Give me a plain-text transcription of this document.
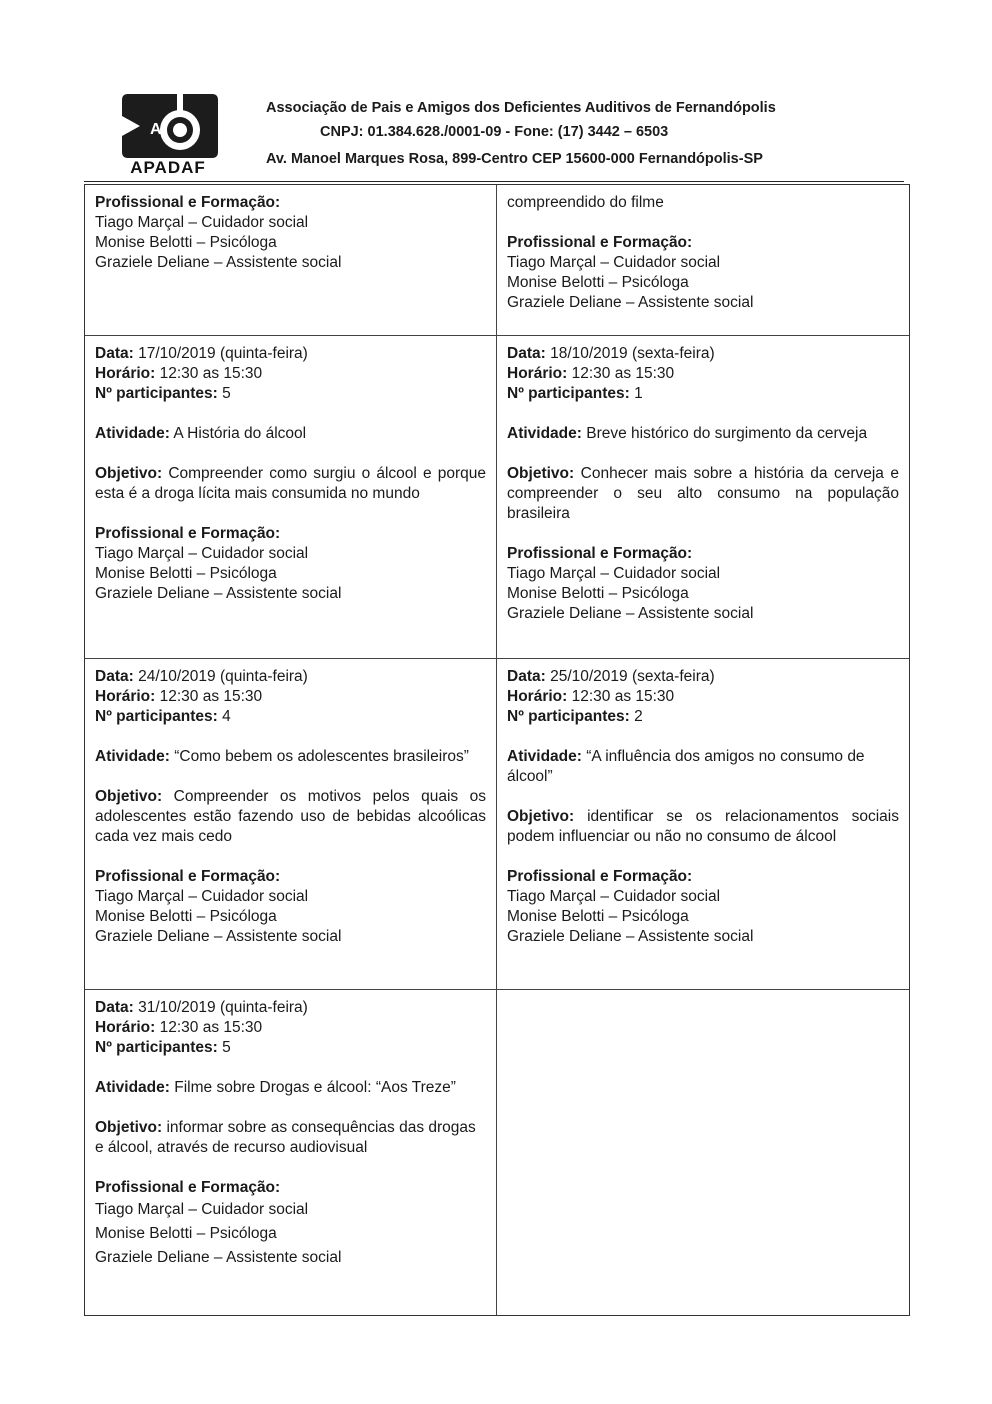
A
APADAF
Associação de Pais e Amigos dos Deficientes Auditivos de Fernandópolis
CNPJ: 01.384.628./0001-09 - Fone: (17) 3442 – 6503
Av. Manoel Marques Rosa, 899-Centro CEP 15600-000 Fernandópolis-SP
Profissional e Formação:
Tiago Marçal – Cuidador social
Monise Belotti – Psicóloga
Graziele Deliane – Assistente social
compreendido do filme
Profissional e Formação:
Tiago Marçal – Cuidador social
Monise Belotti – Psicóloga
Graziele Deliane – Assistente social
Data: 17/10/2019 (quinta-feira)
Horário: 12:30 as 15:30
Nº participantes: 5
Atividade: A História do álcool
Objetivo: Compreender como surgiu o álcool e porque esta é a droga lícita mais consumida no mundo
Profissional e Formação:
Tiago Marçal – Cuidador social
Monise Belotti – Psicóloga
Graziele Deliane – Assistente social
Data: 18/10/2019 (sexta-feira)
Horário: 12:30 as 15:30
Nº participantes: 1
Atividade: Breve histórico do surgimento da cerveja
Objetivo: Conhecer mais sobre a história da cerveja e compreender o seu alto consumo na população brasileira
Profissional e Formação:
Tiago Marçal – Cuidador social
Monise Belotti – Psicóloga
Graziele Deliane – Assistente social
Data: 24/10/2019 (quinta-feira)
Horário: 12:30 as 15:30
Nº participantes: 4
Atividade: “Como bebem os adolescentes brasileiros”
Objetivo: Compreender os motivos pelos quais os adolescentes estão fazendo uso de bebidas alcoólicas cada vez mais cedo
Profissional e Formação:
Tiago Marçal – Cuidador social
Monise Belotti – Psicóloga
Graziele Deliane – Assistente social
Data: 25/10/2019 (sexta-feira)
Horário: 12:30 as 15:30
Nº participantes: 2
Atividade: “A influência dos amigos no consumo de álcool”
Objetivo: identificar se os relacionamentos sociais podem influenciar ou não no consumo de álcool
Profissional e Formação:
Tiago Marçal – Cuidador social
Monise Belotti – Psicóloga
Graziele Deliane – Assistente social
Data: 31/10/2019 (quinta-feira)
Horário: 12:30 as 15:30
Nº participantes: 5
Atividade: Filme sobre Drogas e álcool: “Aos Treze”
Objetivo: informar sobre as consequências das drogas e álcool, através de recurso audiovisual
Profissional e Formação:
Tiago Marçal – Cuidador social
Monise Belotti – Psicóloga
Graziele Deliane – Assistente social
